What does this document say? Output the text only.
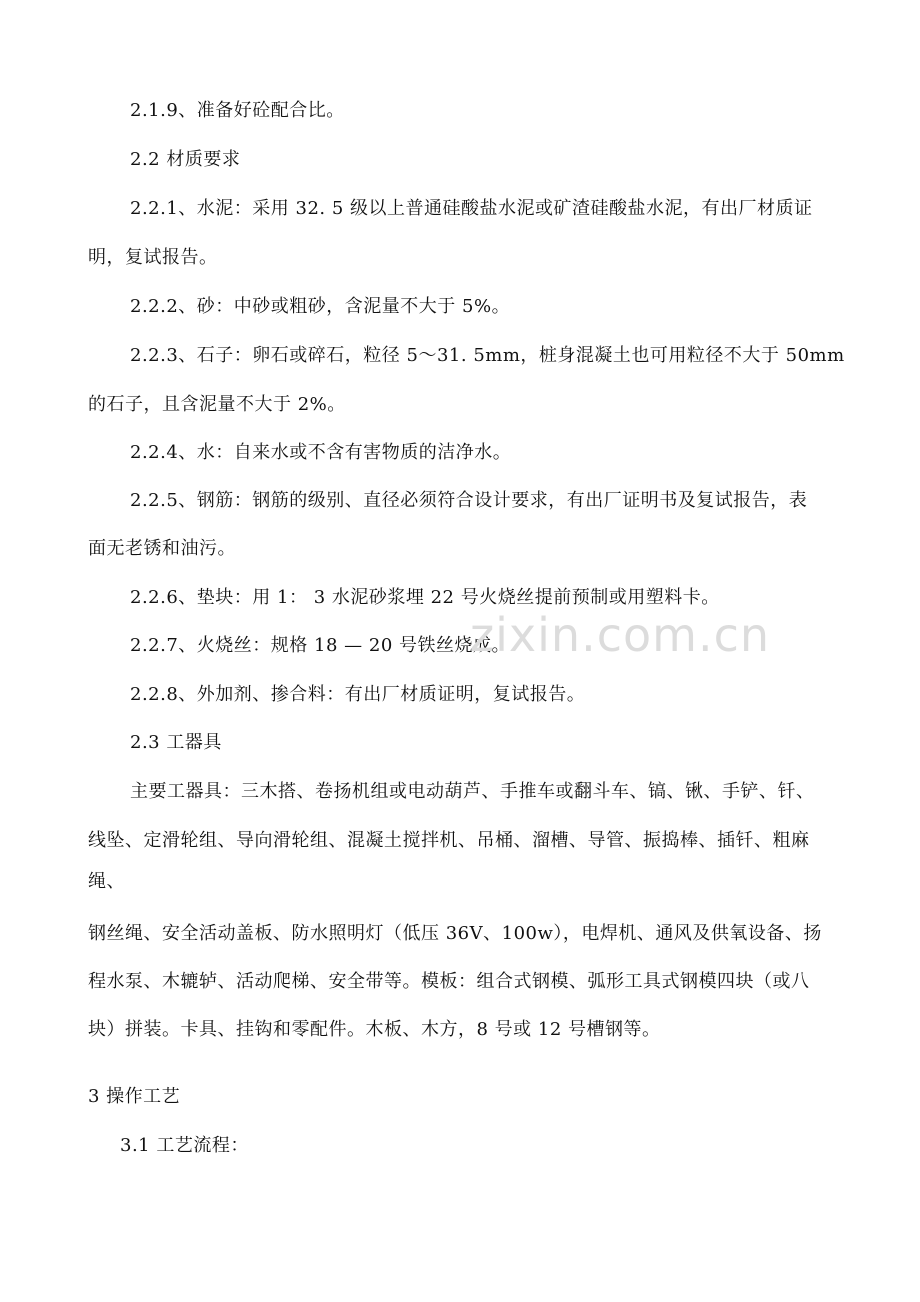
2.1.9、准备好砼配合比。
2.2 材质要求
2.2.1、水泥：采用 32. 5 级以上普通硅酸盐水泥或矿渣硅酸盐水泥，有出厂材质证
明，复试报告。
2.2.2、砂：中砂或粗砂，含泥量不大于 5%。
2.2.3、石子：卵石或碎石，粒径 5～31. 5mm，桩身混凝土也可用粒径不大于 50mm
的石子，且含泥量不大于 2%。
2.2.4、水：自来水或不含有害物质的洁净水。
2.2.5、钢筋：钢筋的级别、直径必须符合设计要求，有出厂证明书及复试报告，表
面无老锈和油污。
2.2.6、垫块：用 1： 3 水泥砂浆埋 22 号火烧丝提前预制或用塑料卡。
2.2.7、火烧丝：规格 18 — 20 号铁丝烧成。
2.2.8、外加剂、掺合料：有出厂材质证明，复试报告。
2.3 工器具
主要工器具：三木搭、卷扬机组或电动葫芦、手推车或翻斗车、镐、锹、手铲、钎、
线坠、定滑轮组、导向滑轮组、混凝土搅拌机、吊桶、溜槽、导管、振捣棒、插钎、粗麻
绳、
钢丝绳、安全活动盖板、防水照明灯（低压 36V、100w），电焊机、通风及供氧设备、扬
程水泵、木辘轳、活动爬梯、安全带等。模板：组合式钢模、弧形工具式钢模四块（或八
块）拼装。卡具、挂钩和零配件。木板、木方，8 号或 12 号槽钢等。
3 操作工艺
3.1 工艺流程：
zixin.com.cn
